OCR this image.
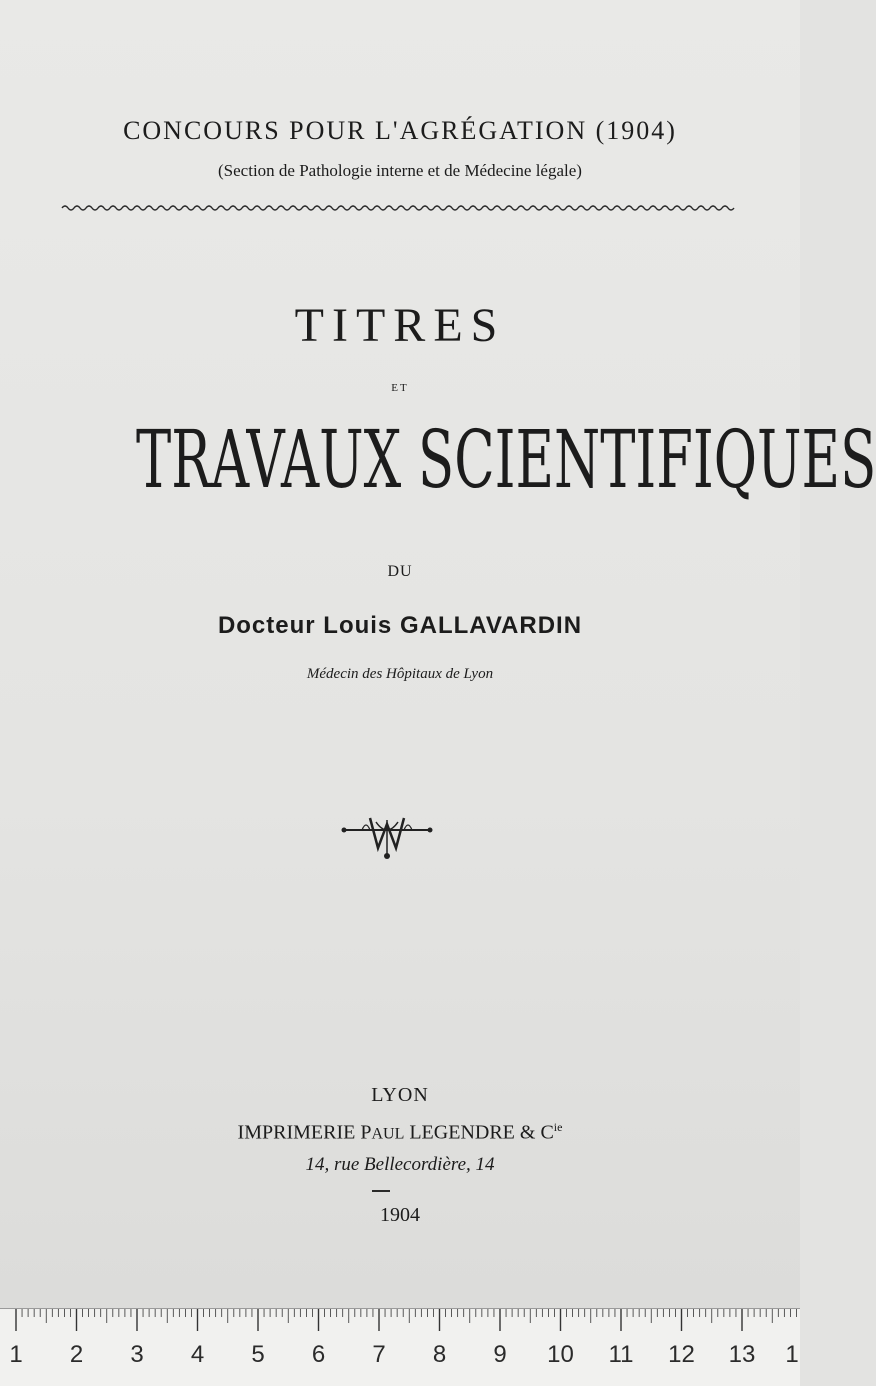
CONCOURS POUR L'AGRÉGATION (1904)
(Section de Pathologie interne et de Médecine légale)
TITRES
ET
TRAVAUX SCIENTIFIQUES
DU
Docteur Louis GALLAVARDIN
Médecin des Hôpitaux de Lyon
LYON
IMPRIMERIE PAUL LEGENDRE & $C^{ie}$
14, rue Bellecordière, 14
1904
1 2 3 4 5 6 7 8 9 10 11 12 13 1
